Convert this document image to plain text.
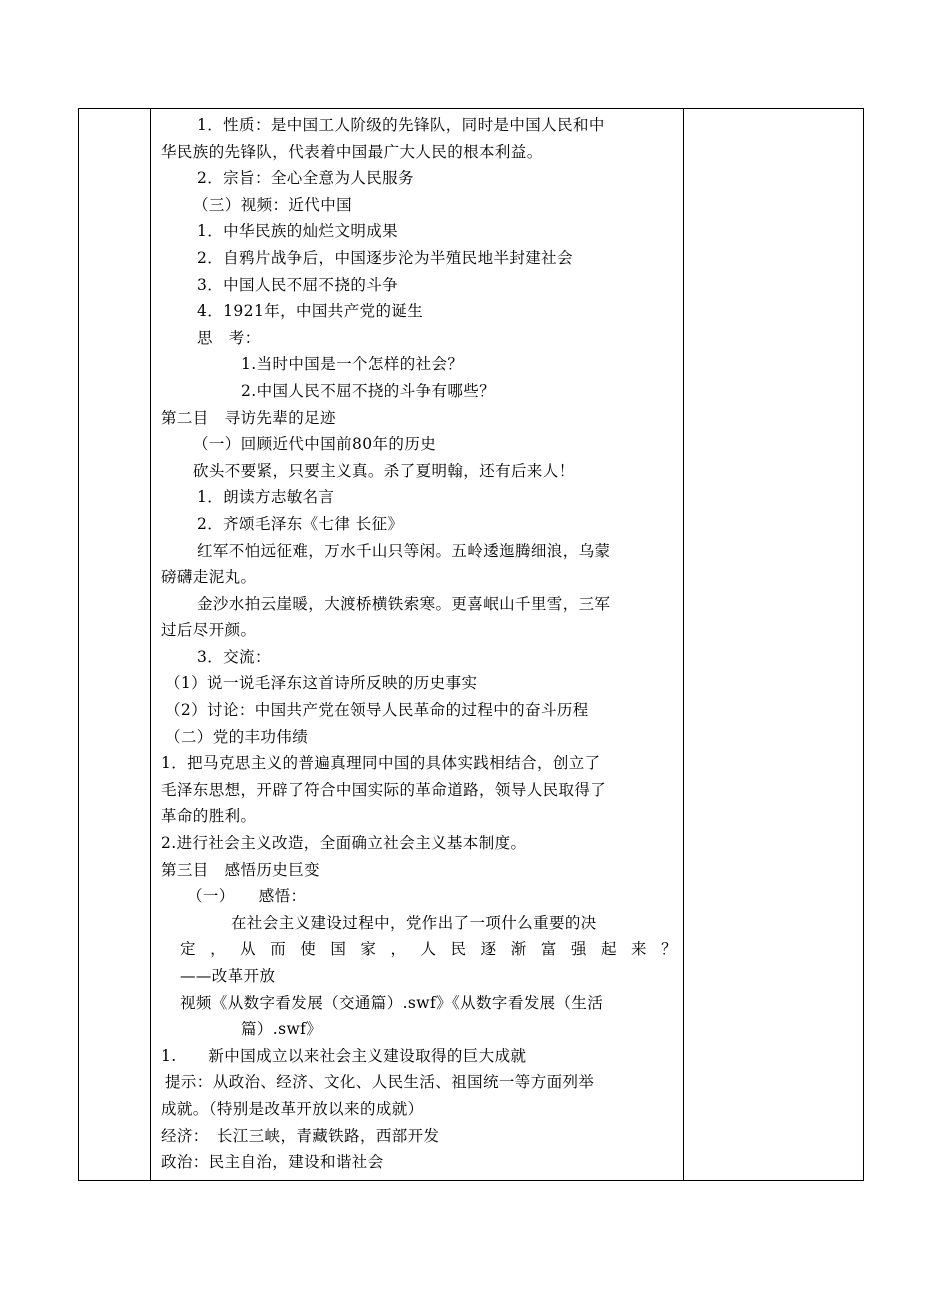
1．性质：是中国工人阶级的先锋队，同时是中国人民和中
华民族的先锋队，代表着中国最广大人民的根本利益。
2．宗旨：全心全意为人民服务
（三）视频：近代中国
1．中华民族的灿烂文明成果
2．自鸦片战争后，中国逐步沦为半殖民地半封建社会
3．中国人民不屈不挠的斗争
4．1921年，中国共产党的诞生
思　考：
1.当时中国是一个怎样的社会？
2.中国人民不屈不挠的斗争有哪些？
第二目　寻访先辈的足迹
（一）回顾近代中国前80年的历史
砍头不要紧，只要主义真。杀了夏明翰，还有后来人！
1．朗读方志敏名言
2．齐颂毛泽东《七律 长征》
红军不怕远征难，万水千山只等闲。五岭逶迤腾细浪，乌蒙
磅礴走泥丸。
金沙水拍云崖暖，大渡桥横铁索寒。更喜岷山千里雪，三军
过后尽开颜。
3．交流：
（1）说一说毛泽东这首诗所反映的历史事实
（2）讨论：中国共产党在领导人民革命的过程中的奋斗历程
（二）党的丰功伟绩
1．把马克思主义的普遍真理同中国的具体实践相结合，创立了
毛泽东思想，开辟了符合中国实际的革命道路，领导人民取得了
革命的胜利。
2.进行社会主义改造，全面确立社会主义基本制度。
第三目　感悟历史巨变
（一）　　感悟：
在社会主义建设过程中，党作出了一项什么重要的决
定 ， 从 而 使 国 家 ， 人 民 逐 渐 富 强 起 来 ？
——改革开放
视频《从数字看发展（交通篇）.swf》《从数字看发展（生活
篇）.swf》
1.　　新中国成立以来社会主义建设取得的巨大成就
提示：从政治、经济、文化、人民生活、祖国统一等方面列举
成就。（特别是改革开放以来的成就）
经济：　长江三峡，青藏铁路，西部开发
政治：民主自治，建设和谐社会
